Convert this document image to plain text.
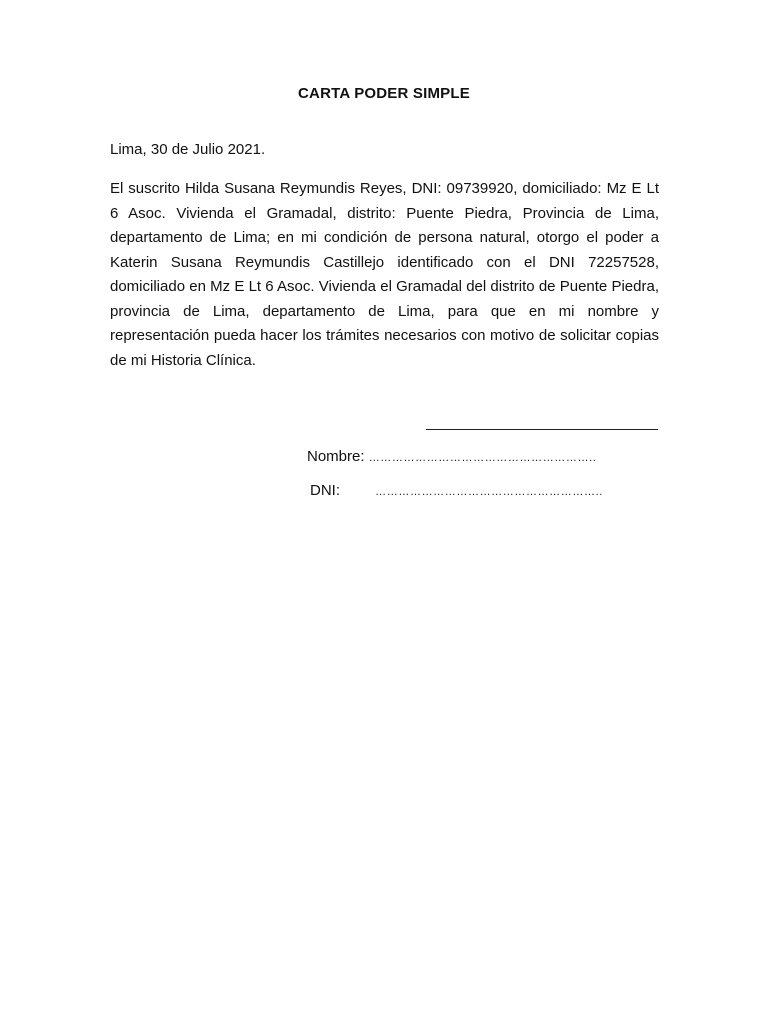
CARTA PODER SIMPLE
Lima, 30 de Julio 2021.

El suscrito Hilda Susana Reymundis Reyes, DNI: 09739920, domiciliado: Mz E Lt 6 Asoc. Vivienda el Gramadal, distrito: Puente Piedra, Provincia de Lima, departamento de Lima; en mi condición de persona natural, otorgo el poder a Katerin Susana Reymundis Castillejo identificado con el DNI 72257528, domiciliado en Mz E Lt 6 Asoc. Vivienda el Gramadal del distrito de Puente Piedra, provincia de Lima, departamento de Lima, para que en mi nombre y representación pueda hacer los trámites necesarios con motivo de solicitar copias de mi Historia Clínica.

Nombre: …………………………………………………..
DNI:	…………………………………………………..
